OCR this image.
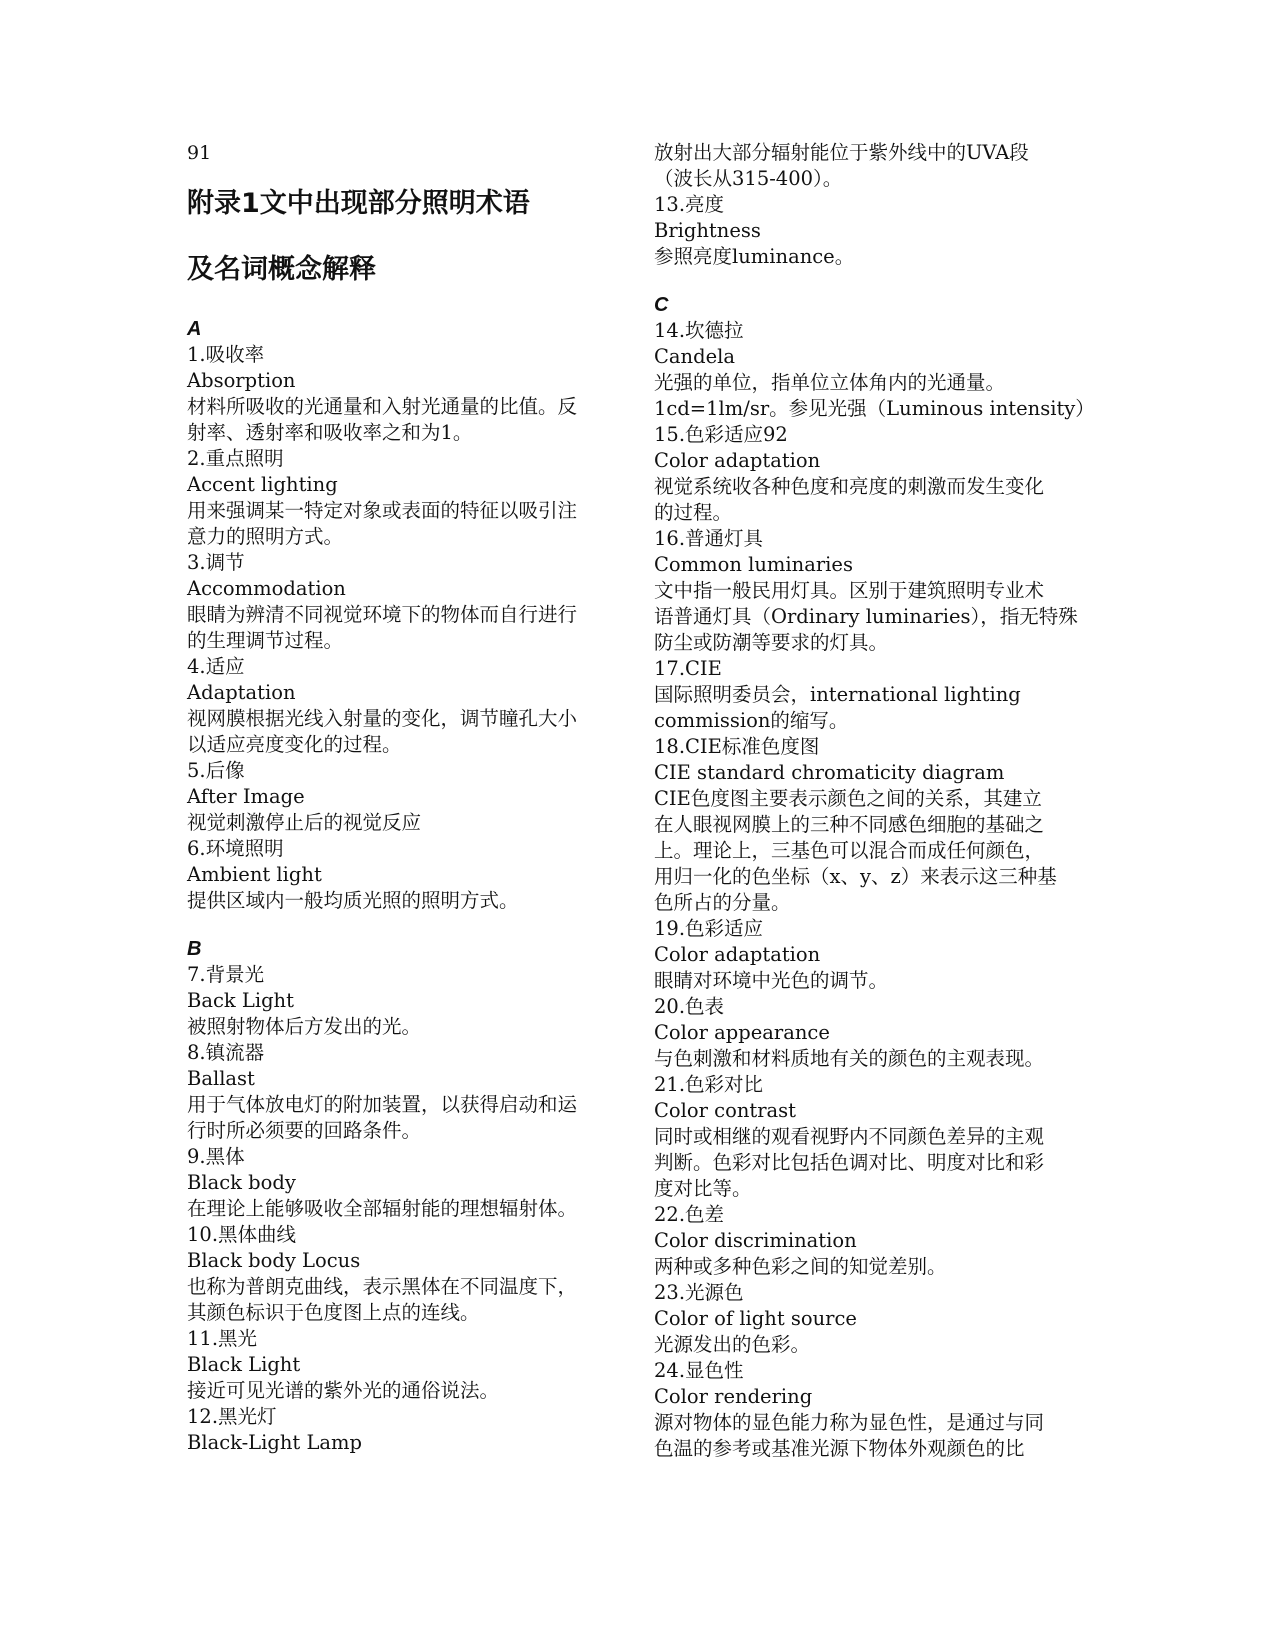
91
附录1文中出现部分照明术语
及名词概念解释
A
1.吸收率
Absorption
材料所吸收的光通量和入射光通量的比值。反
射率、透射率和吸收率之和为1。
2.重点照明
Accent lighting
用来强调某一特定对象或表面的特征以吸引注
意力的照明方式。
3.调节
Accommodation
眼睛为辨清不同视觉环境下的物体而自行进行
的生理调节过程。
4.适应
Adaptation
视网膜根据光线入射量的变化，调节瞳孔大小
以适应亮度变化的过程。
5.后像
After Image
视觉刺激停止后的视觉反应
6.环境照明
Ambient light
提供区域内一般均质光照的照明方式。
B
7.背景光
Back Light
被照射物体后方发出的光。
8.镇流器
Ballast
用于气体放电灯的附加装置，以获得启动和运
行时所必须要的回路条件。
9.黑体
Black body
在理论上能够吸收全部辐射能的理想辐射体。
10.黑体曲线
Black body Locus
也称为普朗克曲线，表示黑体在不同温度下，
其颜色标识于色度图上点的连线。
11.黑光
Black Light
接近可见光谱的紫外光的通俗说法。
12.黑光灯
Black-Light Lamp
放射出大部分辐射能位于紫外线中的UVA段
（波长从315-400）。
13.亮度
Brightness
参照亮度luminance。
C
14.坎德拉
Candela
光强的单位，指单位立体角内的光通量。
1cd=1lm/sr。参见光强（Luminous intensity）
15.色彩适应92
Color adaptation
视觉系统收各种色度和亮度的刺激而发生变化
的过程。
16.普通灯具
Common luminaries
文中指一般民用灯具。区别于建筑照明专业术
语普通灯具（Ordinary luminaries），指无特殊
防尘或防潮等要求的灯具。
17.CIE
国际照明委员会，international lighting
commission的缩写。
18.CIE标准色度图
CIE standard chromaticity diagram
CIE色度图主要表示颜色之间的关系，其建立
在人眼视网膜上的三种不同感色细胞的基础之
上。理论上，三基色可以混合而成任何颜色，
用归一化的色坐标（x、y、z）来表示这三种基
色所占的分量。
19.色彩适应
Color adaptation
眼睛对环境中光色的调节。
20.色表
Color appearance
与色刺激和材料质地有关的颜色的主观表现。
21.色彩对比
Color contrast
同时或相继的观看视野内不同颜色差异的主观
判断。色彩对比包括色调对比、明度对比和彩
度对比等。
22.色差
Color discrimination
两种或多种色彩之间的知觉差别。
23.光源色
Color of light source
光源发出的色彩。
24.显色性
Color rendering
源对物体的显色能力称为显色性，是通过与同
色温的参考或基准光源下物体外观颜色的比
